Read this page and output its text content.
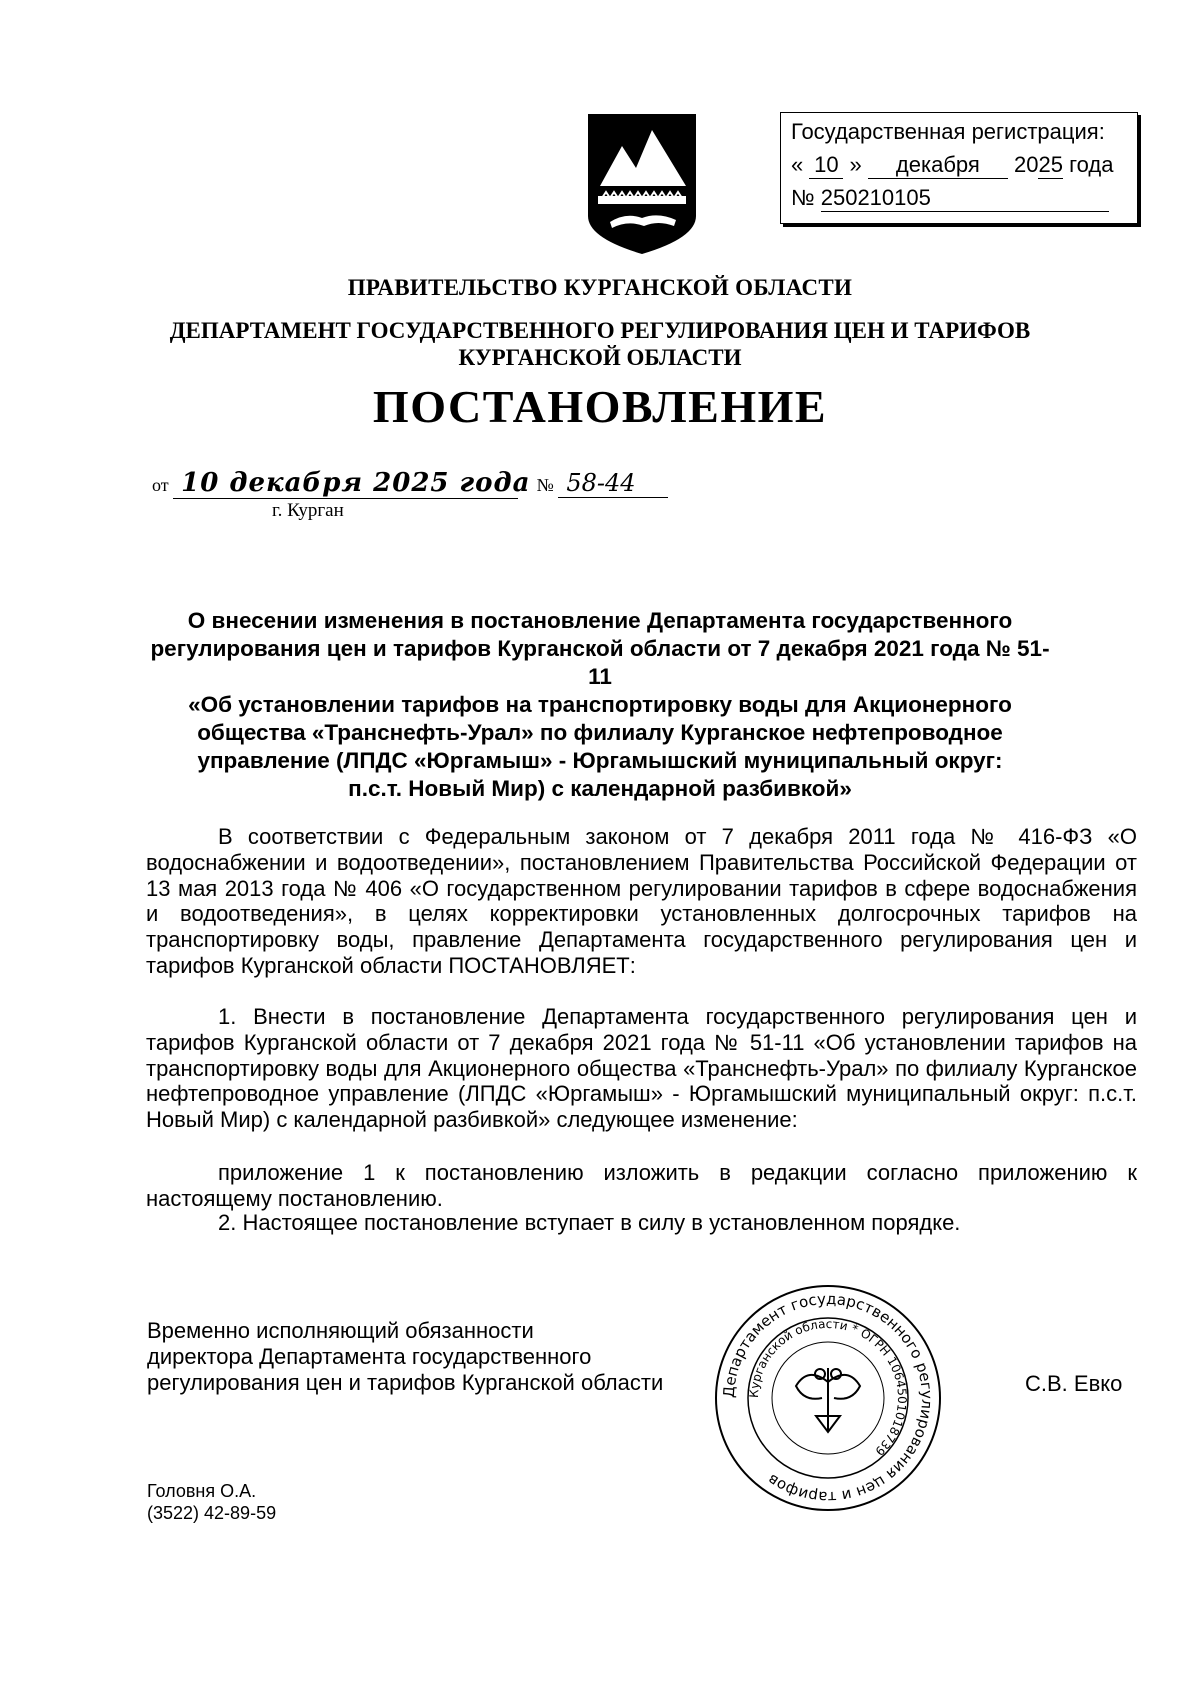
Государственная регистрация:
« 10 » декабря 2025 года
№ 250210105
ПРАВИТЕЛЬСТВО КУРГАНСКОЙ ОБЛАСТИ
ДЕПАРТАМЕНТ ГОСУДАРСТВЕННОГО РЕГУЛИРОВАНИЯ ЦЕН И ТАРИФОВ
КУРГАНСКОЙ ОБЛАСТИ
ПОСТАНОВЛЕНИЕ
от 10 декабря 2025 года № 58-44
г. Курган
О внесении изменения в постановление Департамента государственного
регулирования цен и тарифов Курганской области от 7 декабря 2021 года № 51-11
«Об установлении тарифов на транспортировку воды для Акционерного
общества «Транснефть-Урал» по филиалу Курганское нефтепроводное
управление (ЛПДС «Юргамыш» - Юргамышский муниципальный округ:
п.с.т. Новый Мир) с календарной разбивкой»
В соответствии с Федеральным законом от 7 декабря 2011 года № 416-ФЗ «О водоснабжении и водоотведении», постановлением Правительства Российской Федерации от 13 мая 2013 года № 406 «О государственном регулировании тарифов в сфере водоснабжения и водоотведения», в целях корректировки установленных долгосрочных тарифов на транспортировку воды, правление Департамента государственного регулирования цен и тарифов Курганской области ПОСТАНОВЛЯЕТ:
1. Внести в постановление Департамента государственного регулирования цен и тарифов Курганской области от 7 декабря 2021 года № 51-11 «Об установлении тарифов на транспортировку воды для Акционерного общества «Транснефть-Урал» по филиалу Курганское нефтепроводное управление (ЛПДС «Юргамыш» - Юргамышский муниципальный округ: п.с.т. Новый Мир) с календарной разбивкой» следующее изменение:
приложение 1 к постановлению изложить в редакции согласно приложению к настоящему постановлению.
2. Настоящее постановление вступает в силу в установленном порядке.
Временно исполняющий обязанности
директора Департамента государственного
регулирования цен и тарифов Курганской области	Департамент государственного регулирования цен и тарифов
Курганской области * ОГРН 1064501018739
С.В. Евко
Головня О.А.
(3522) 42-89-59
